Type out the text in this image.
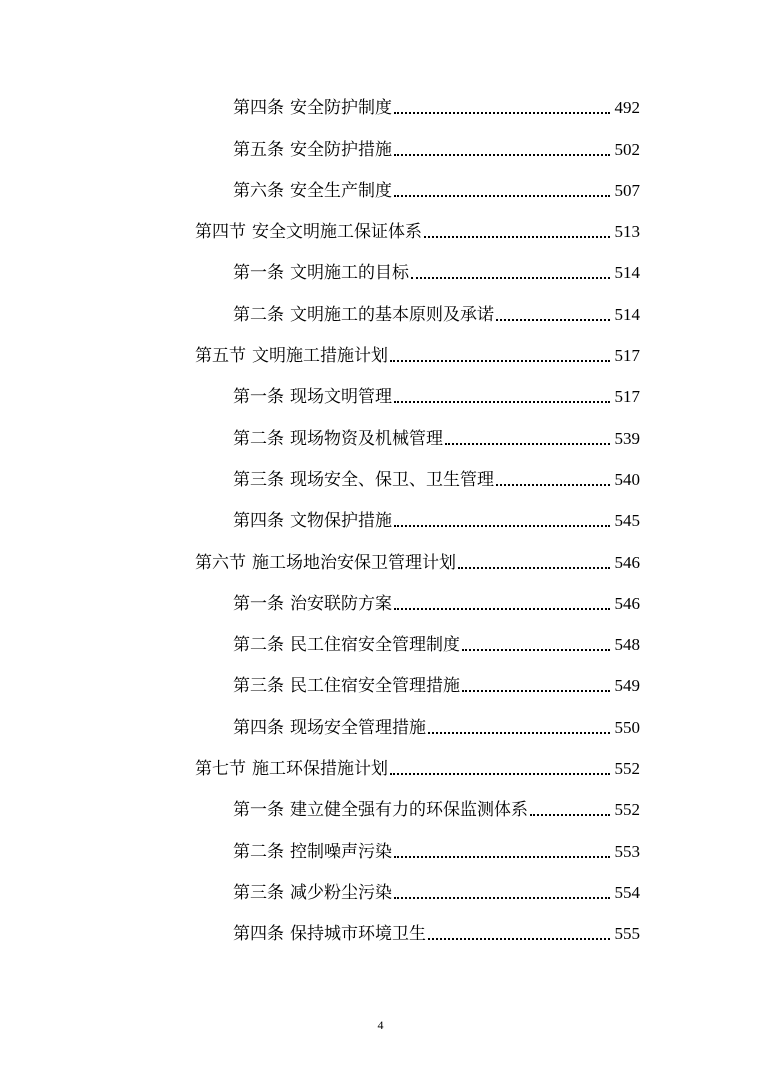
第四条 安全防护制度	492
第五条 安全防护措施	502
第六条 安全生产制度	507
第四节 安全文明施工保证体系	513
第一条 文明施工的目标	514
第二条 文明施工的基本原则及承诺	514
第五节 文明施工措施计划	517
第一条 现场文明管理	517
第二条 现场物资及机械管理	539
第三条 现场安全、保卫、卫生管理	540
第四条 文物保护措施	545
第六节 施工场地治安保卫管理计划	546
第一条 治安联防方案	546
第二条 民工住宿安全管理制度	548
第三条 民工住宿安全管理措施	549
第四条 现场安全管理措施	550
第七节 施工环保措施计划	552
第一条 建立健全强有力的环保监测体系	552
第二条 控制噪声污染	553
第三条 减少粉尘污染	554
第四条 保持城市环境卫生	555
4
